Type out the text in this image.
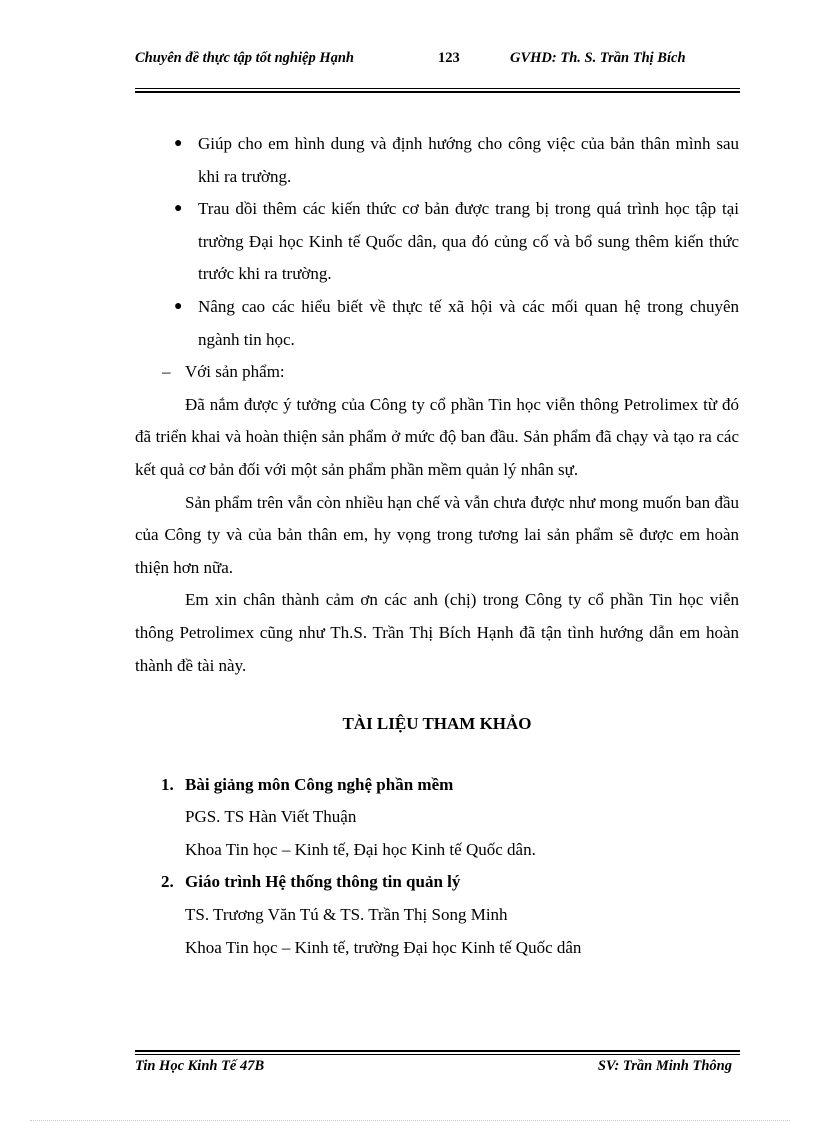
Chuyên đề thực tập tốt nghiệp Hạnh	123	GVHD: Th. S. Trần Thị Bích
● Giúp cho em hình dung và định hướng cho công việc của bản thân mình sau khi ra trường.
● Trau dồi thêm các kiến thức cơ bản được trang bị trong quá trình học tập tại trường Đại học Kinh tế Quốc dân, qua đó củng cố và bổ sung thêm kiến thức trước khi ra trường.
● Nâng cao các hiểu biết về thực tế xã hội và các mối quan hệ trong chuyên ngành tin học.
– Với sản phẩm:
Đã nắm được ý tưởng của Công ty cổ phần Tin học viễn thông Petrolimex từ đó đã triển khai và hoàn thiện sản phẩm ở mức độ ban đầu. Sản phẩm đã chạy và tạo ra các kết quả cơ bản đối với một sản phẩm phần mềm quản lý nhân sự.
Sản phẩm trên vẫn còn nhiều hạn chế và vẫn chưa được như mong muốn ban đầu của Công ty và của bản thân em, hy vọng trong tương lai sản phẩm sẽ được em hoàn thiện hơn nữa.
Em xin chân thành cảm ơn các anh (chị) trong Công ty cổ phần Tin học viễn thông Petrolimex cũng như Th.S. Trần Thị Bích Hạnh đã tận tình hướng dẫn em hoàn thành đề tài này.
TÀI LIỆU THAM KHẢO
1. Bài giảng môn Công nghệ phần mềm
PGS. TS Hàn Viết Thuận
Khoa Tin học – Kinh tế, Đại học Kinh tế Quốc dân.
2. Giáo trình Hệ thống thông tin quản lý
TS. Trương Văn Tú & TS. Trần Thị Song Minh
Khoa Tin học – Kinh tế, trường Đại học Kinh tế Quốc dân
Tin Học Kinh Tế 47B	SV: Trần Minh Thông
